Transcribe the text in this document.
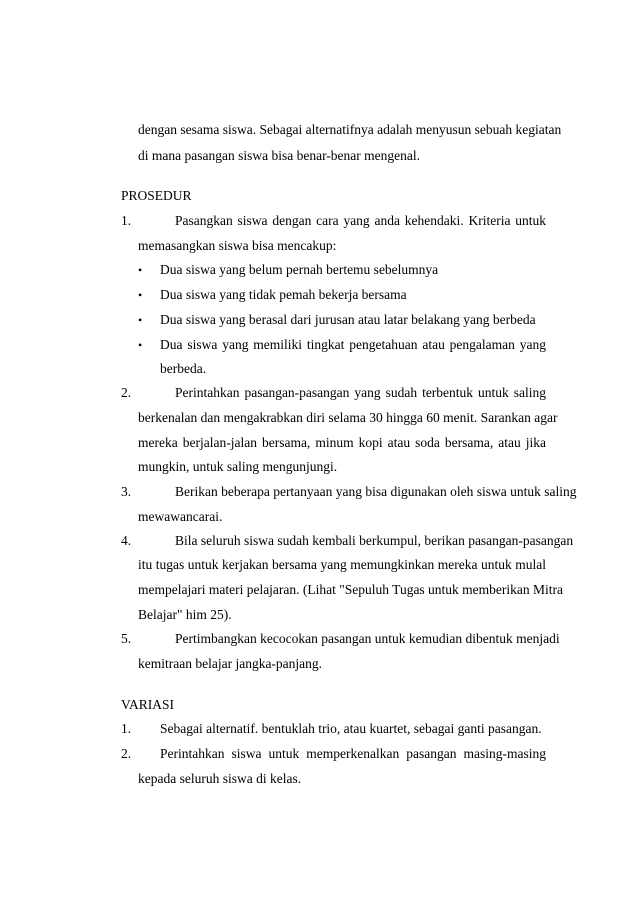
dengan sesama siswa. Sebagai alternatifnya adalah menyusun sebuah kegiatan
di mana pasangan siswa bisa benar-benar mengenal.
PROSEDUR
1.	Pasangkan siswa dengan cara yang anda kehendaki. Kriteria untuk
memasangkan siswa bisa mencakup:
• Dua siswa yang belum pernah bertemu sebelumnya
• Dua siswa yang tidak pemah bekerja bersama
• Dua siswa yang berasal dari jurusan atau latar belakang yang berbeda
• Dua siswa yang memiliki tingkat pengetahuan atau pengalaman yang
berbeda.
2.	Perintahkan pasangan-pasangan yang sudah terbentuk untuk saling
berkenalan dan mengakrabkan diri selama 30 hingga 60 menit. Sarankan agar
mereka berjalan-jalan bersama, minum kopi atau soda bersama, atau jika
mungkin, untuk saling mengunjungi.
3.	Berikan beberapa pertanyaan yang bisa digunakan oleh siswa untuk saling
mewawancarai.
4.	Bila seluruh siswa sudah kembali berkumpul, berikan pasangan-pasangan
itu tugas untuk kerjakan bersama yang memungkinkan mereka untuk mulal
mempelajari materi pelajaran. (Lihat "Sepuluh Tugas untuk memberikan Mitra
Belajar" him 25).
5.	Pertimbangkan kecocokan pasangan untuk kemudian dibentuk menjadi
kemitraan belajar jangka-panjang.
VARIASI
1. Sebagai alternatif. bentuklah trio, atau kuartet, sebagai ganti pasangan.
2. Perintahkan siswa untuk memperkenalkan pasangan masing-masing
kepada seluruh siswa di kelas.
